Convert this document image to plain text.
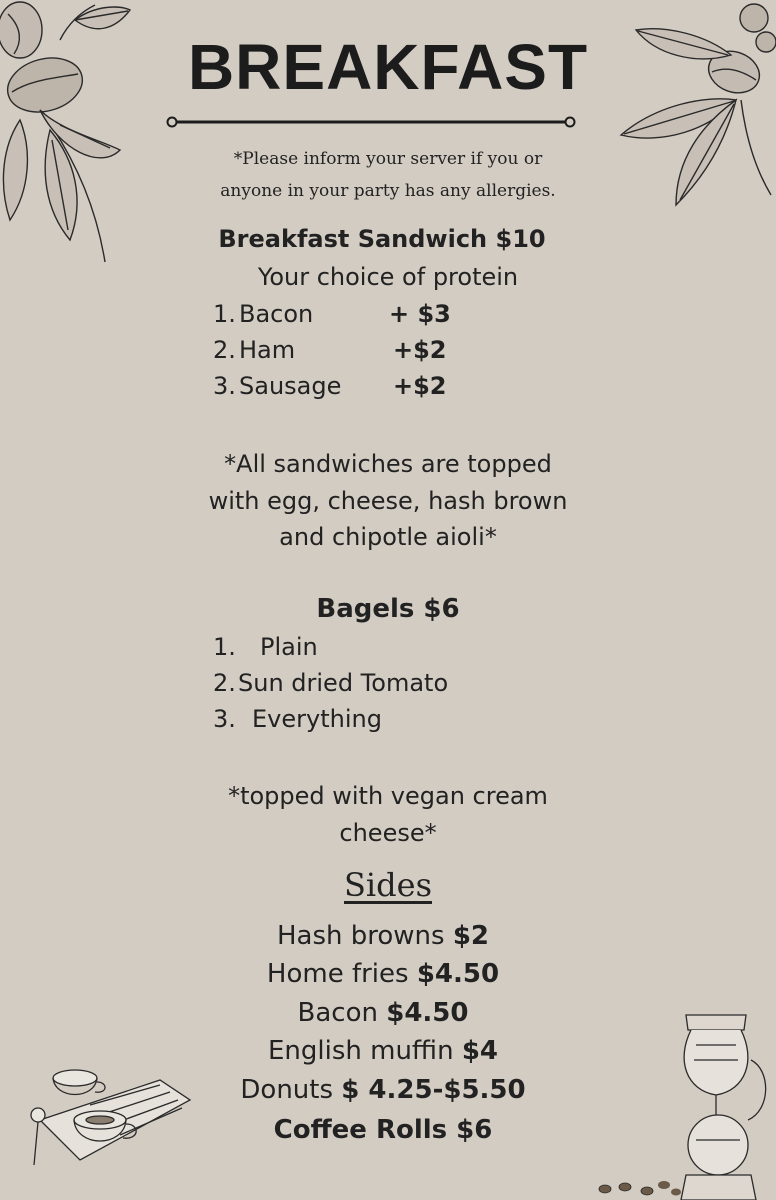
BREAKFAST
*Please inform your server if you or
anyone in your party has any allergies.
Breakfast Sandwich $10
Your choice of protein
1. Bacon	+ $3
2. Ham	+$2
3. Sausage +$2
*All sandwiches are topped
with egg, cheese, hash brown
and chipotle aioli*
Bagels $6
1. Plain
2. Sun dried Tomato
3. Everything
*topped with vegan cream
cheese*
Sides
Hash browns $2
Home fries $4.50
Bacon $4.50
English muffin $4
Donuts $ 4.25-$5.50
Coffee Rolls $6
